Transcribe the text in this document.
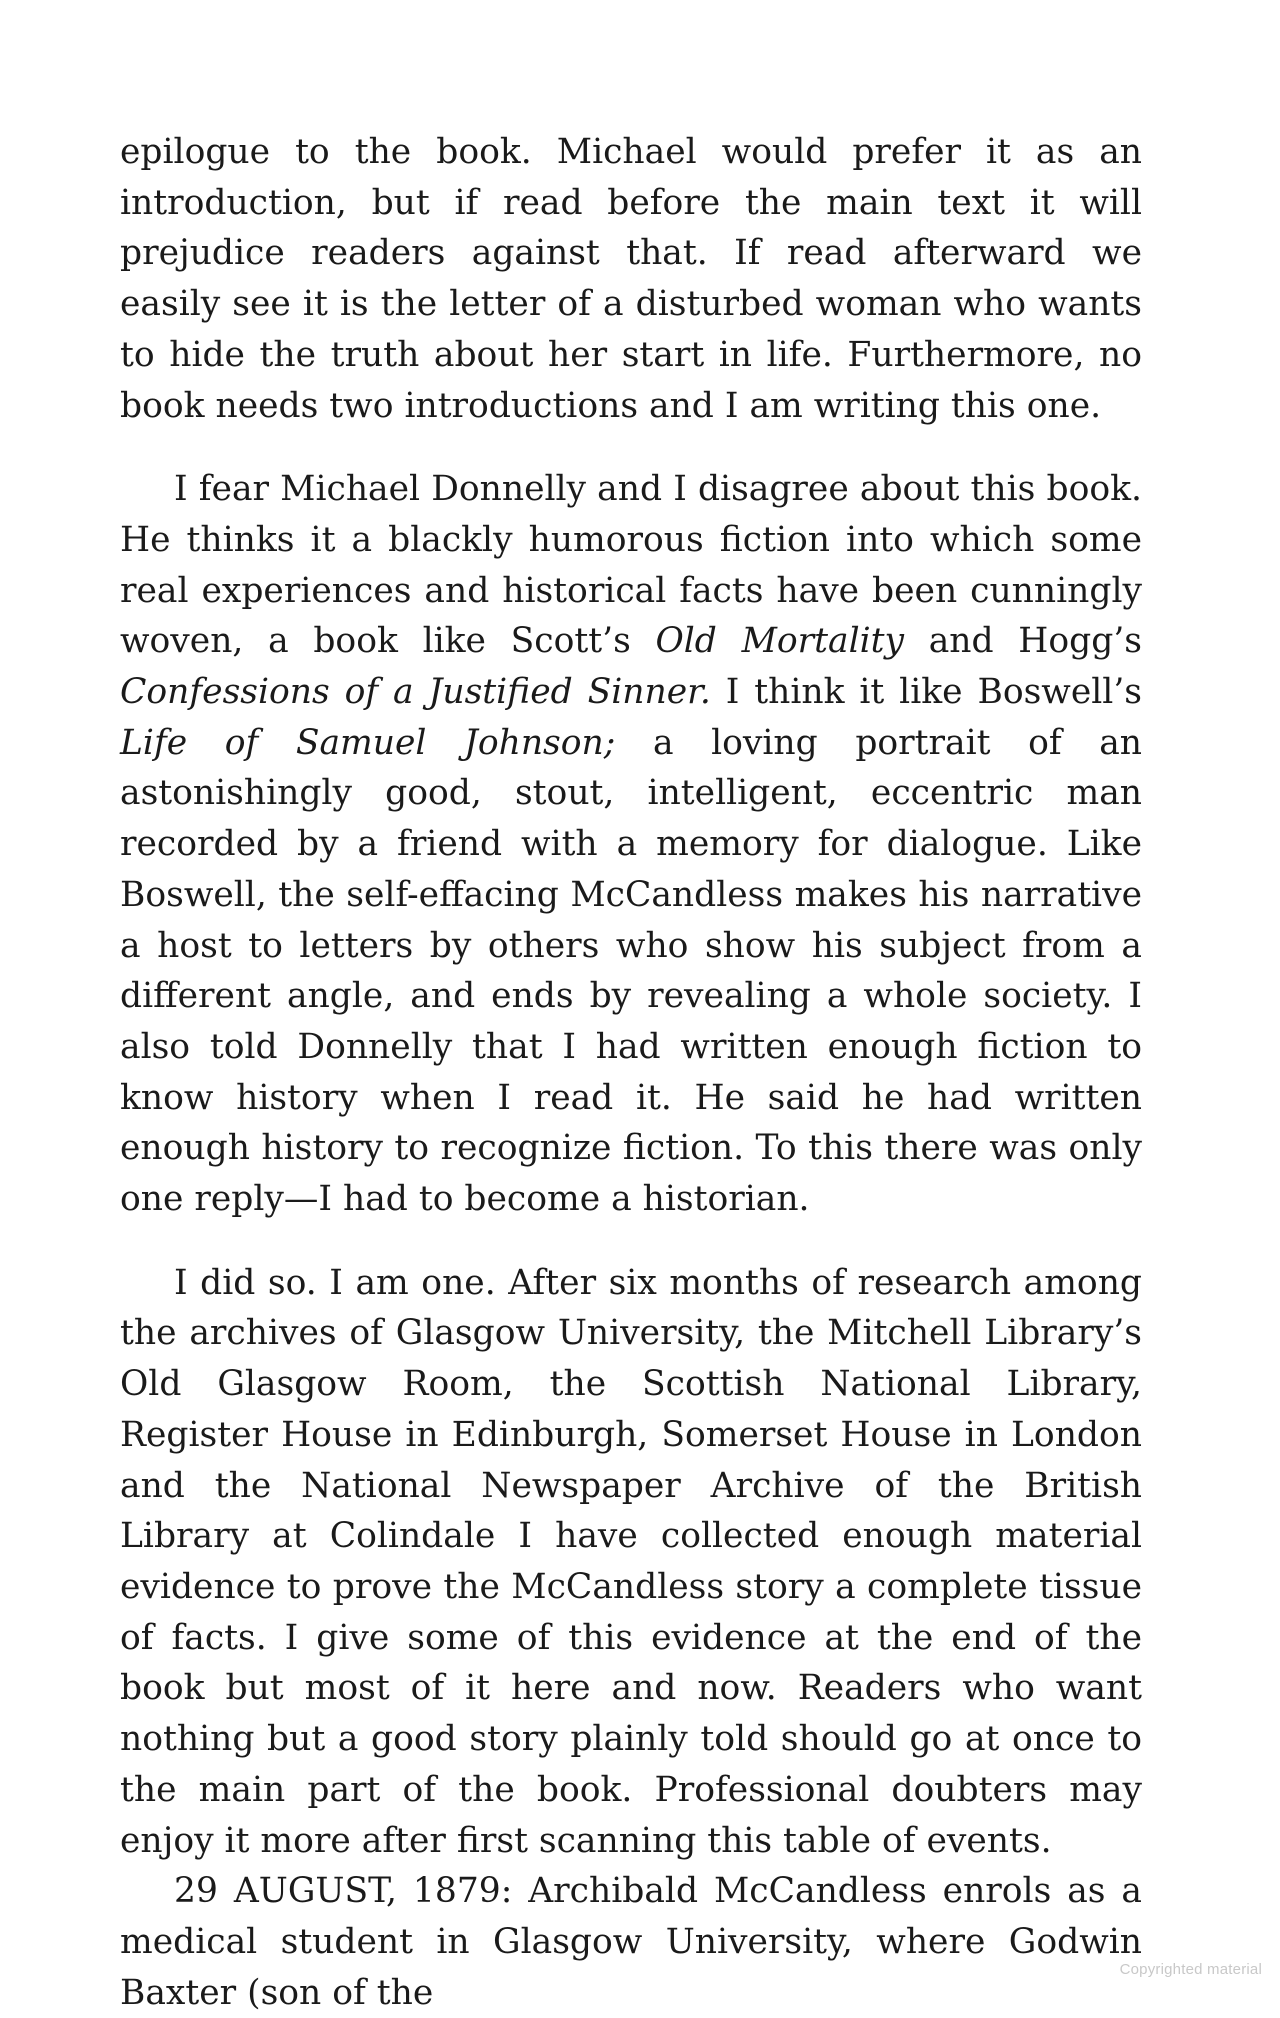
epilogue to the book. Michael would prefer it as an introduction, but if read before the main text it will prejudice readers against that. If read afterward we easily see it is the letter of a disturbed woman who wants to hide the truth about her start in life. Furthermore, no book needs two introductions and I am writing this one.

I fear Michael Donnelly and I disagree about this book. He thinks it a blackly humorous fiction into which some real experiences and historical facts have been cunningly woven, a book like Scott’s Old Mortality and Hogg’s Confessions of a Justified Sinner. I think it like Boswell’s Life of Samuel Johnson; a loving portrait of an astonishingly good, stout, intelligent, eccentric man recorded by a friend with a memory for dialogue. Like Boswell, the self-effacing McCandless makes his narrative a host to letters by others who show his subject from a different angle, and ends by revealing a whole society. I also told Donnelly that I had written enough fiction to know history when I read it. He said he had written enough history to recognize fiction. To this there was only one reply—I had to become a historian.

I did so. I am one. After six months of research among the archives of Glasgow University, the Mitchell Library’s Old Glasgow Room, the Scottish National Library, Register House in Edinburgh, Somerset House in London and the National Newspaper Archive of the British Library at Colindale I have collected enough material evidence to prove the McCandless story a complete tissue of facts. I give some of this evidence at the end of the book but most of it here and now. Readers who want nothing but a good story plainly told should go at once to the main part of the book. Professional doubters may enjoy it more after first scanning this table of events.

29 AUGUST, 1879: Archibald McCandless enrols as a medical student in Glasgow University, where Godwin Baxter (son of the

Copyrighted material
